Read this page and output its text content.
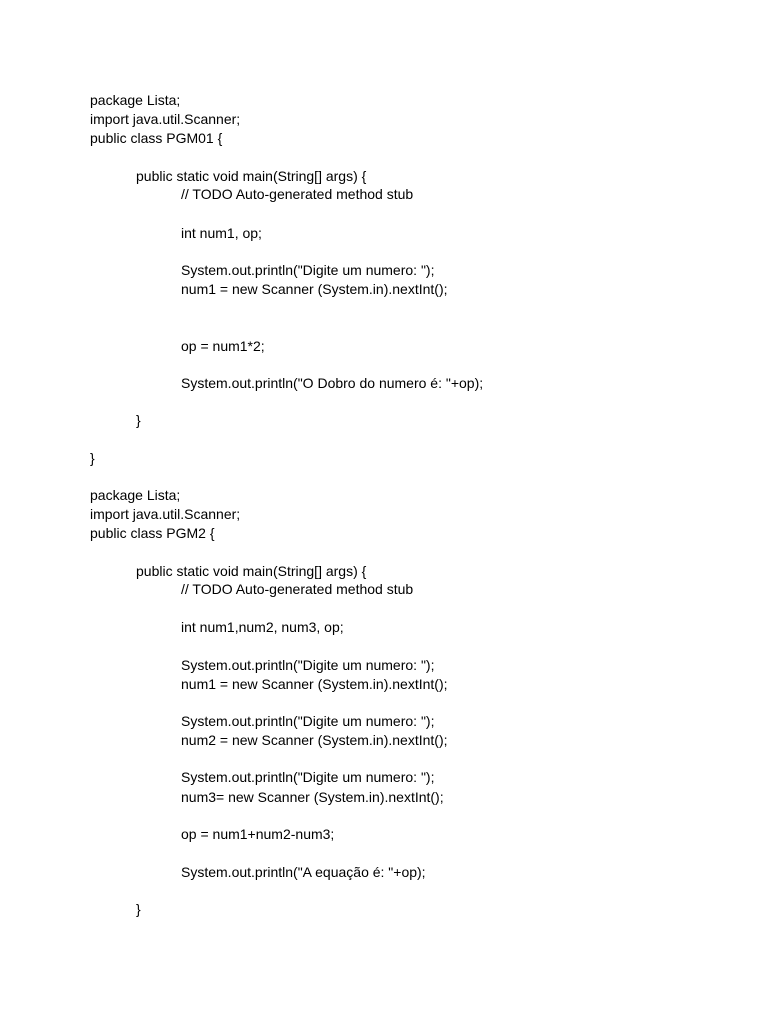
package Lista;
import java.util.Scanner;
public class PGM01 {
public static void main(String[] args) {
// TODO Auto-generated method stub
int num1, op;
System.out.println("Digite um numero: ");
num1 = new Scanner (System.in).nextInt();
op = num1*2;
System.out.println("O Dobro do numero é: "+op);
}
}
package Lista;
import java.util.Scanner;
public class PGM2 {
public static void main(String[] args) {
// TODO Auto-generated method stub
int num1,num2, num3, op;
System.out.println("Digite um numero: ");
num1 = new Scanner (System.in).nextInt();
System.out.println("Digite um numero: ");
num2 = new Scanner (System.in).nextInt();
System.out.println("Digite um numero: ");
num3= new Scanner (System.in).nextInt();
op = num1+num2-num3;
System.out.println("A equação é: "+op);
}
